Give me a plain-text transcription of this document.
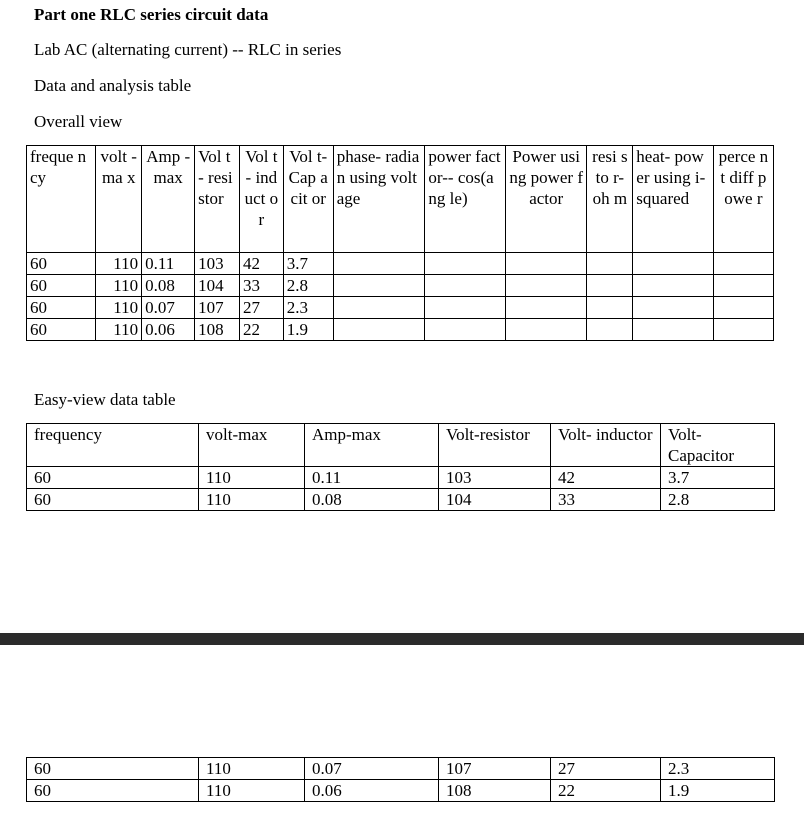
Part one RLC series circuit data
Lab AC (alternating current) -- RLC in series
Data and analysis table
Overall view
freque ncy	volt - ma x	Amp - max	Vol t- resi stor	Vol t- ind uct or	Vol t- Cap acit or	phase- radian using voltage	power factor-- cos(ang le)	Power using power factor	resi sto r- oh m	heat- power using i- squared	perce nt diff powe r
60	110	0.11	103	42	3.7						
60	110	0.08	104	33	2.8						
60	110	0.07	107	27	2.3						
60	110	0.06	108	22	1.9						
Easy-view data table
frequency	volt-max	Amp-max	Volt-resistor	Volt- inductor	Volt- Capacitor
60	110	0.11	103	42	3.7
60	110	0.08	104	33	2.8
60	110	0.07	107	27	2.3
60	110	0.06	108	22	1.9
